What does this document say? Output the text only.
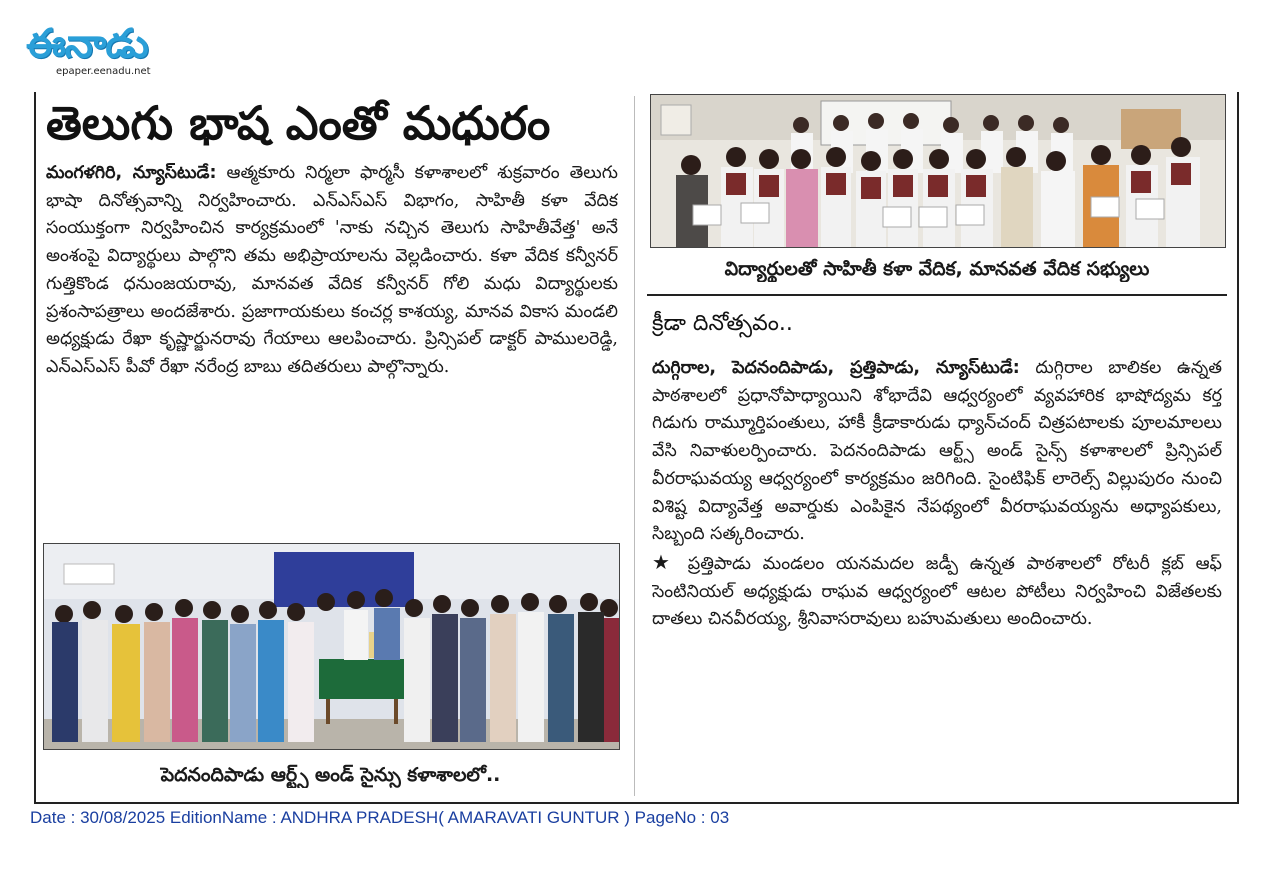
ఈనాడు
epaper.eenadu.net
తెలుగు భాష ఎంతో మధురం
మంగళగిరి, న్యూస్‌టుడే: ఆత్మకూరు నిర్మలా ఫార్మసీ కళాశాలలో శుక్రవారం తెలుగు భాషా దినోత్సవాన్ని నిర్వహించారు. ఎన్‌ఎస్‌ఎస్ విభాగం, సాహితీ కళా వేదిక సంయుక్తంగా నిర్వహించిన కార్యక్రమంలో 'నాకు నచ్చిన తెలుగు సాహితీవేత్త' అనే అంశంపై విద్యార్థులు పాల్గొని తమ అభిప్రాయాలను వెల్లడించారు. కళా వేదిక కన్వీనర్ గుత్తికొండ ధనుంజయరావు, మానవత వేదిక కన్వీనర్ గోలి మధు విద్యార్థులకు ప్రశంసాపత్రాలు అందజేశారు. ప్రజాగాయకులు కంచర్ల కాశయ్య, మానవ వికాస మండలి అధ్యక్షుడు రేఖా కృష్ణార్జునరావు గేయాలు ఆలపించారు. ప్రిన్సిపల్ డాక్టర్ పాములరెడ్డి, ఎన్‌ఎస్‌ఎస్ పీవో రేఖా నరేంద్ర బాబు తదితరులు పాల్గొన్నారు.
విద్యార్థులతో సాహితీ కళా వేదిక, మానవత వేదిక సభ్యులు
పెదనందిపాడు ఆర్ట్స్ అండ్ సైన్సు కళాశాలలో..
క్రీడా దినోత్సవం..
దుగ్గిరాల, పెదనందిపాడు, ప్రత్తిపాడు, న్యూస్‌టుడే: దుగ్గిరాల బాలికల ఉన్నత పాఠశాలలో ప్రధానోపాధ్యాయిని శోభాదేవి ఆధ్వర్యంలో వ్యవహారిక భాషోద్యమ కర్త గిడుగు రామ్మూర్తిపంతులు, హాకీ క్రీడాకారుడు ధ్యాన్‌చంద్ చిత్రపటాలకు పూలమాలలు వేసి నివాళులర్పించారు. పెదనందిపాడు ఆర్ట్స్ అండ్ సైన్స్ కళాశాలలో ప్రిన్సిపల్ వీరరాఘవయ్య ఆధ్వర్యంలో కార్యక్రమం జరిగింది. సైంటిఫిక్ లారెల్స్ విల్లుపురం నుంచి విశిష్ట విద్యావేత్త అవార్డుకు ఎంపికైన నేపథ్యంలో వీరరాఘవయ్యను అధ్యాపకులు, సిబ్బంది సత్కరించారు.
★ ప్రత్తిపాడు మండలం యనమదల జడ్పీ ఉన్నత పాఠశాలలో రోటరీ క్లబ్ ఆఫ్ సెంటినియల్ అధ్యక్షుడు రాఘవ ఆధ్వర్యంలో ఆటల పోటీలు నిర్వహించి విజేతలకు దాతలు చినవీరయ్య, శ్రీనివాసరావులు బహుమతులు అందించారు.
Date : 30/08/2025 EditionName : ANDHRA PRADESH( AMARAVATI GUNTUR ) PageNo : 03
